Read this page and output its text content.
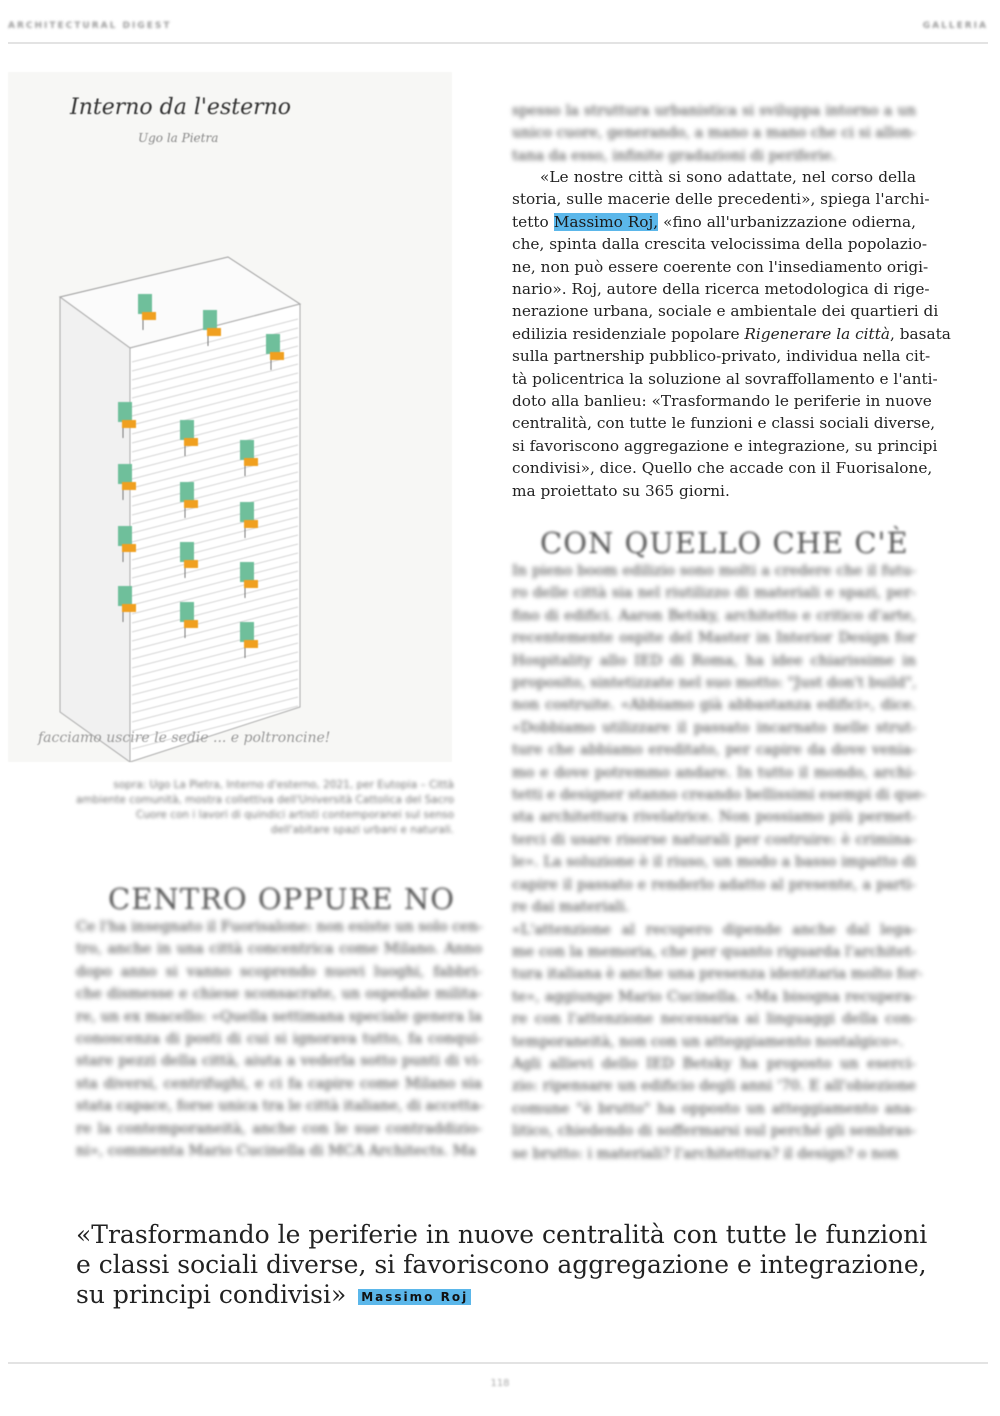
ARCHITECTURAL DIGEST	GALLERIA
Interno da l'esterno
Ugo la Pietra
facciamo uscire le sedie ... e poltroncine!
sopra: Ugo La Pietra, Interno d'esterno, 2021, per Eutopia – Città ambiente comunità, mostra collettiva dell'Università Cattolica del Sacro Cuore con i lavori di quindici artisti contemporanei sul senso dell'abitare spazi urbani e naturali.
CENTRO OPPURE NO
CON QUELLO CHE C'È
spesso la struttura urbanistica si sviluppa intorno a un
unico cuore, generando, a mano a mano che ci si allon-
tana da esso, infinite gradazioni di periferie.
«Le nostre città si sono adattate, nel corso della
storia, sulle macerie delle precedenti», spiega l'archi-
tetto Massimo Roj, «fino all'urbanizzazione odierna,
che, spinta dalla crescita velocissima della popolazio-
ne, non può essere coerente con l'insediamento origi-
nario». Roj, autore della ricerca metodologica di rige-
nerazione urbana, sociale e ambientale dei quartieri di
edilizia residenziale popolare Rigenerare la città, basata
sulla partnership pubblico-privato, individua nella cit-
tà policentrica la soluzione al sovraffollamento e l'anti-
doto alla banlieu: «Trasformando le periferie in nuove
centralità, con tutte le funzioni e classi sociali diverse,
si favoriscono aggregazione e integrazione, su principi
condivisi», dice. Quello che accade con il Fuorisalone,
ma proiettato su 365 giorni.
In pieno boom edilizio sono molti a credere che il futu-
ro delle città sia nel riutilizzo di materiali e spazi, per-
fino di edifici. Aaron Betsky, architetto e critico d'arte,
recentemente ospite del Master in Interior Design for
Hospitality allo IED di Roma, ha idee chiarissime in
proposito, sintetizzate nel suo motto: "Just don't build",
non costruite. «Abbiamo già abbastanza edifici», dice.
«Dobbiamo utilizzare il passato incarnato nelle strut-
ture che abbiamo ereditato, per capire da dove venia-
mo e dove potremmo andare. In tutto il mondo, archi-
tetti e designer stanno creando bellissimi esempi di que-
sta architettura rivelatrice. Non possiamo più permet-
terci di usare risorse naturali per costruire: è crimina-
le». La soluzione è il riuso, un modo a basso impatto di
capire il passato e renderlo adatto al presente, a parti-
re dai materiali.
«L'attenzione al recupero dipende anche dal lega-
me con la memoria, che per quanto riguarda l'architet-
tura italiana è anche una presenza identitaria molto for-
te», aggiunge Mario Cucinella. «Ma bisogna recupera-
re con l'attenzione necessaria ai linguaggi della con-
temporaneità, non con un atteggiamento nostalgico».
Agli allievi dello IED Betsky ha proposto un eserci-
zio: ripensare un edificio degli anni '70. E all'obiezione
comune "è brutto" ha opposto un atteggiamento ana-
litico, chiedendo di soffermarsi sul perché gli sembras-
se brutto: i materiali? l'architettura? il design? o non
Ce l'ha insegnato il Fuorisalone: non esiste un solo cen-
tro, anche in una città concentrica come Milano. Anno
dopo anno si vanno scoprendo nuovi luoghi, fabbri-
che dismesse e chiese sconsacrate, un ospedale milita-
re, un ex macello: «Quella settimana speciale genera la
conoscenza di posti di cui si ignorava tutto, fa conqui-
stare pezzi della città, aiuta a vederla sotto punti di vi-
sta diversi, centrifughi, e ci fa capire come Milano sia
stata capace, forse unica tra le città italiane, di accetta-
re la contemporaneità, anche con le sue contraddizio-
ni», commenta Mario Cucinella di MCA Architects. Ma
«Trasformando le periferie in nuove centralità con tutte le funzioni
e classi sociali diverse, si favoriscono aggregazione e integrazione,
su principi condivisi» Massimo Roj
118
